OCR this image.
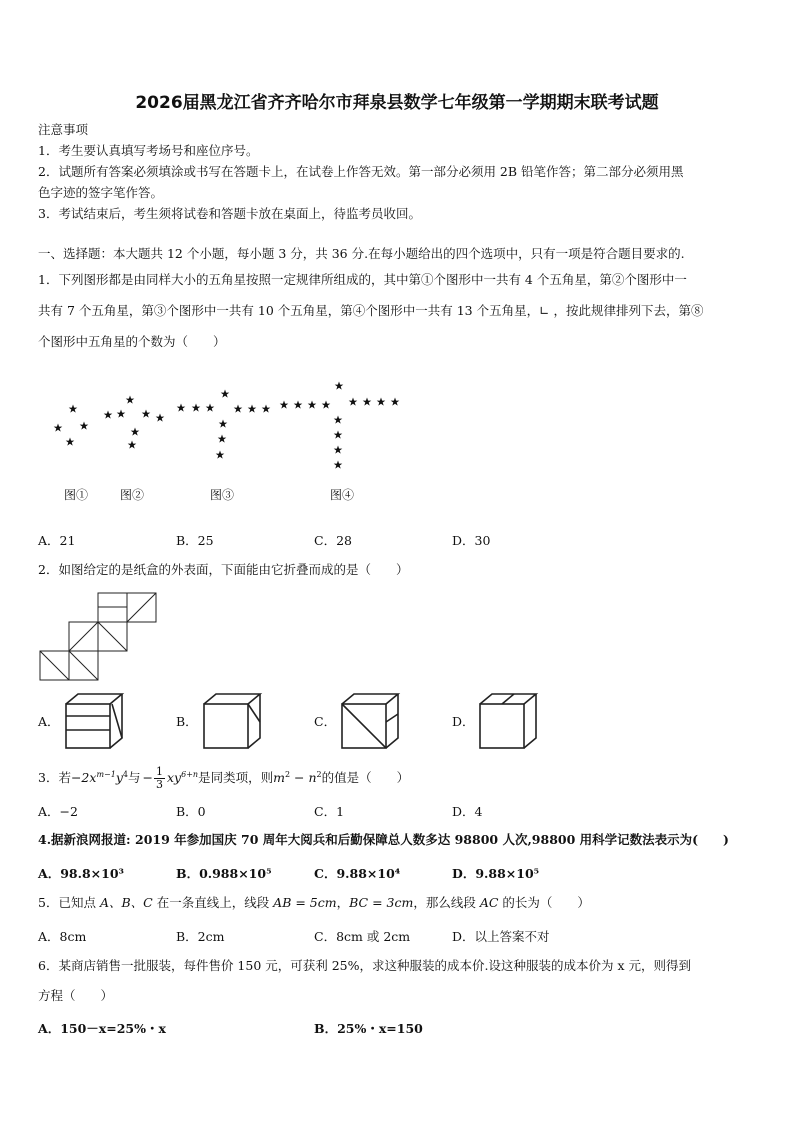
2026届黑龙江省齐齐哈尔市拜泉县数学七年级第一学期期末联考试题
注意事项
1．考生要认真填写考场号和座位序号。
2．试题所有答案必须填涂或书写在答题卡上，在试卷上作答无效。第一部分必须用 2B 铅笔作答；第二部分必须用黑
色字迹的签字笔作答。
3．考试结束后，考生须将试卷和答题卡放在桌面上，待监考员收回。
一、选择题：本大题共 12 个小题，每小题 3 分，共 36 分.在每小题给出的四个选项中，只有一项是符合题目要求的.
1．下列图形都是由同样大小的五角星按照一定规律所组成的，其中第①个图形中一共有 4 个五角星，第②个图形中一
共有 7 个五角星，第③个图形中一共有 10 个五角星，第④个图形中一共有 13 个五角星，∟ ，按此规律排列下去，第⑧
个图形中五角星的个数为（　　）
图①	图②	图③	图④
A．21	B．25	C．28	D．30
2．如图给定的是纸盒的外表面，下面能由它折叠而成的是（　　）
A．	B．	C．	D．
3．若$-2x^{m-1}y^4$与 − $\frac{1}{3} xy^{6+n}$是同类项，则$m^2 - n^2$的值是（　　）
A．−2	B．0	C．1	D．4
4.据新浪网报道: 2019 年参加国庆 70 周年大阅兵和后勤保障总人数多达 98800 人次,98800 用科学记数法表示为(　　)
A．98.8×10³	B．0.988×10⁵	C．9.88×10⁴	D．9.88×10⁵
5．已知点 A、B、C 在一条直线上，线段 AB = 5cm，BC = 3cm，那么线段 AC 的长为（　　）
A．8cm	B．2cm	C．8cm 或 2cm	D．以上答案不对
6．某商店销售一批服装，每件售价 150 元，可获利 25%，求这种服装的成本价.设这种服装的成本价为 x 元，则得到
方程（　　）
A．150－x=25%・x	B．25%・x=150
